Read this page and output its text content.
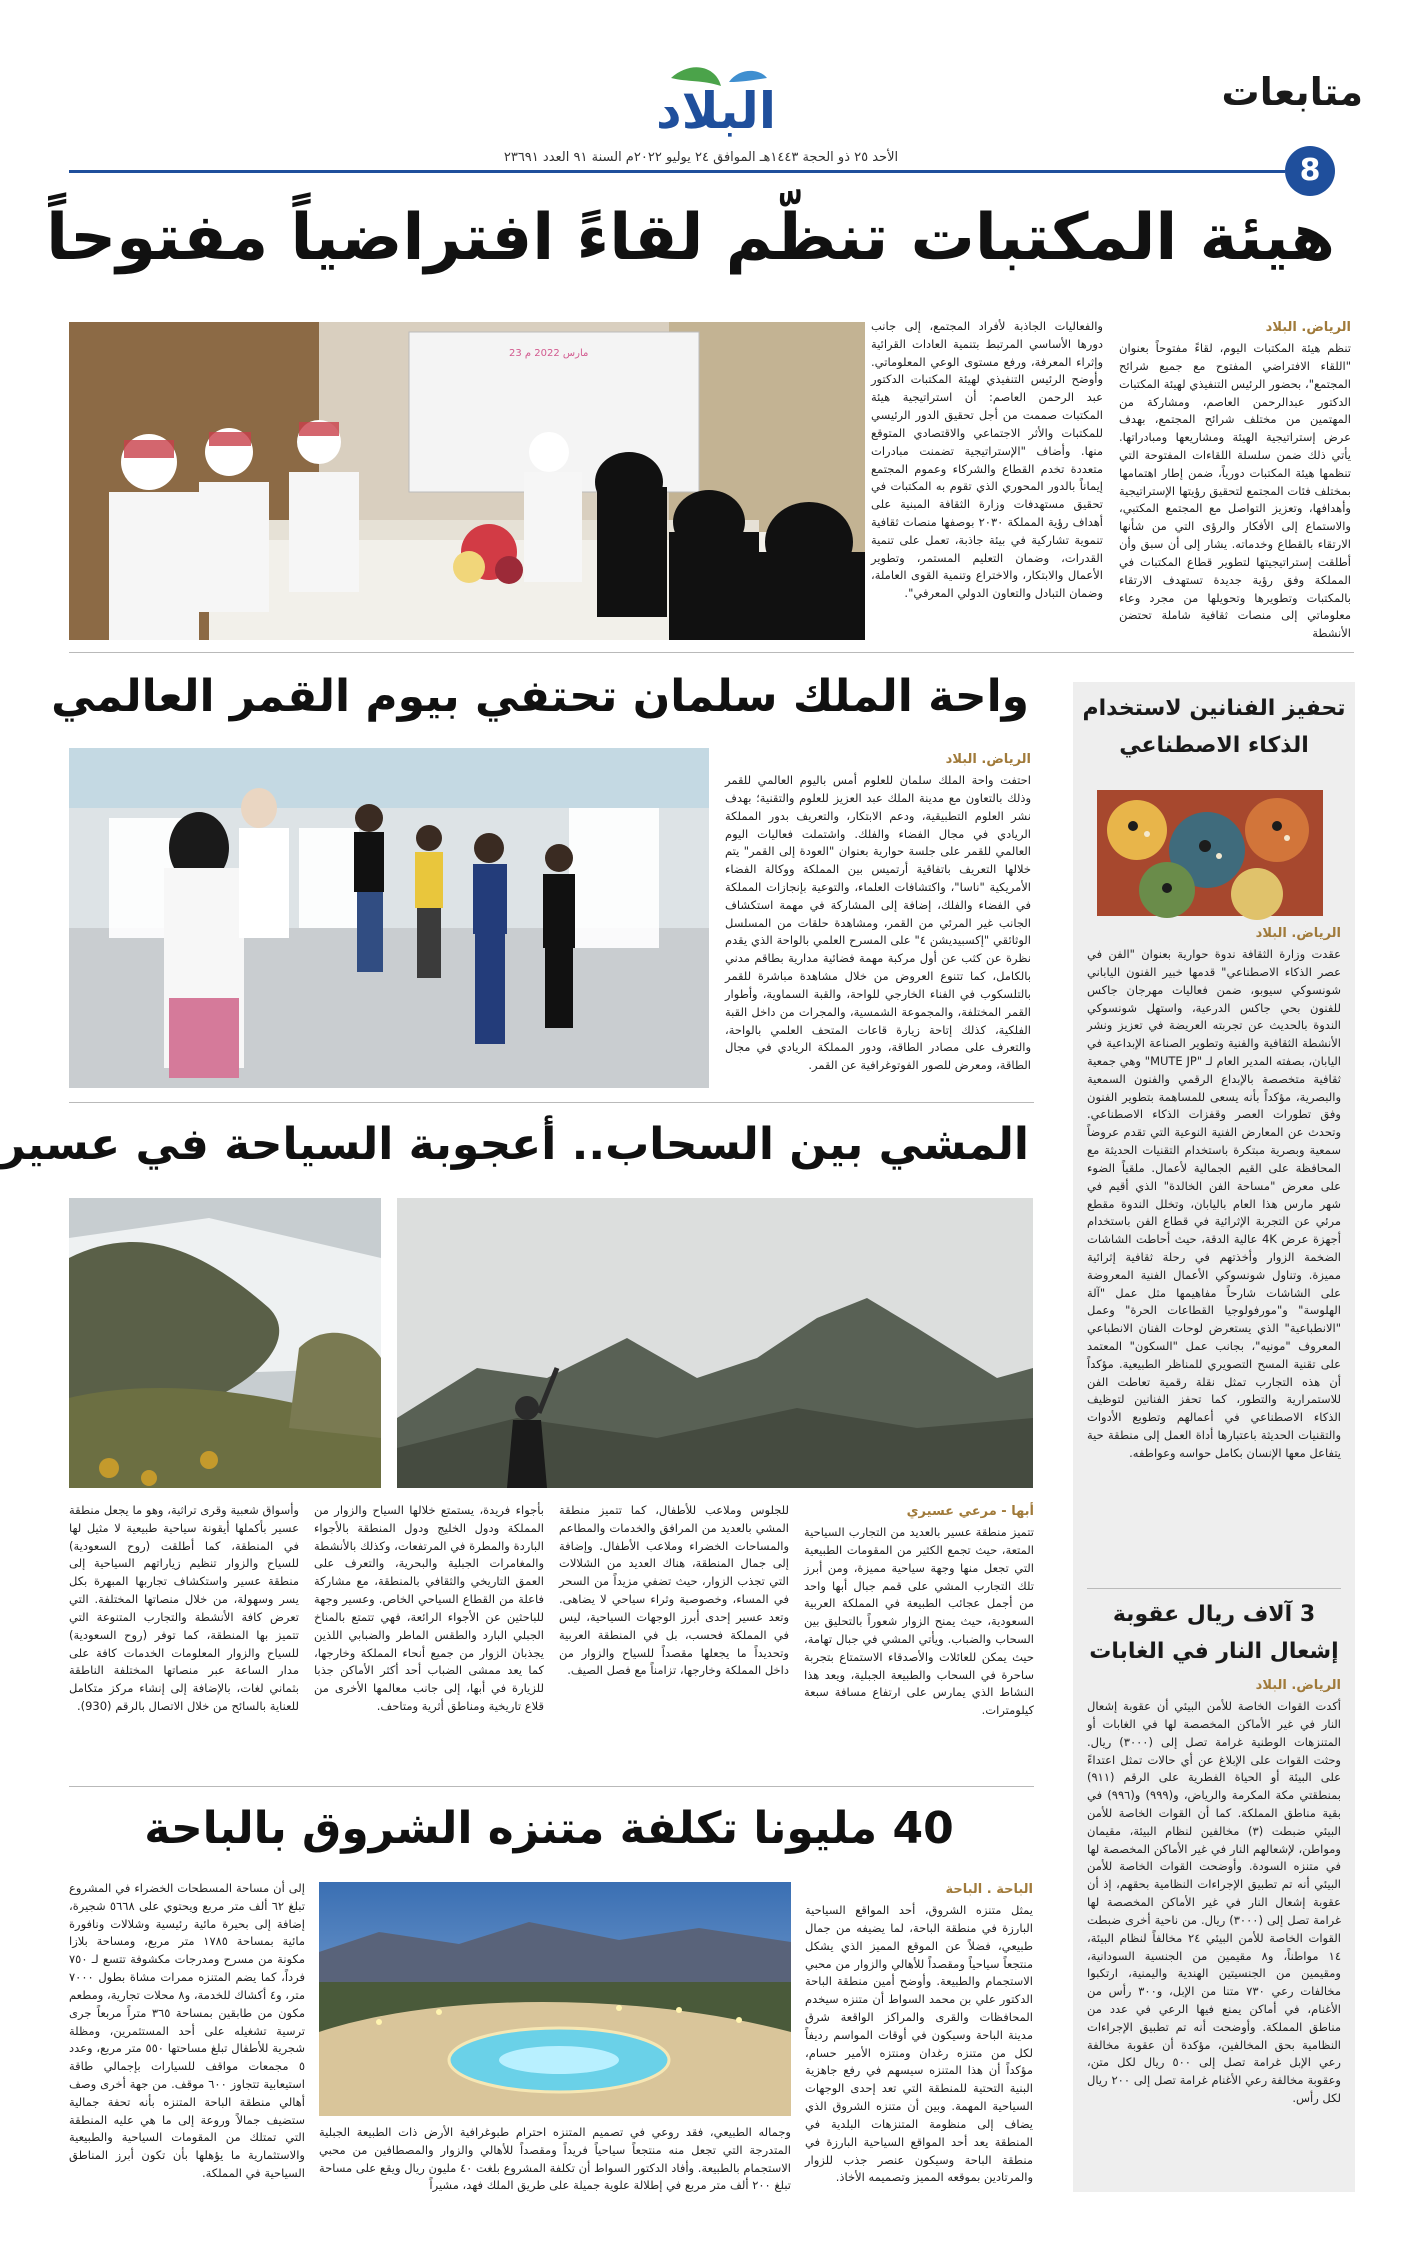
متابعات
8
البلاد
الأحد ٢٥ ذو الحجة ١٤٤٣هـ الموافق ٢٤ يوليو ٢٠٢٢م السنة ٩١ العدد ٢٣٦٩١
هيئة المكتبات تنظّم لقاءً افتراضياً مفتوحاً
الرياض. البلاد
تنظم هيئة المكتبات اليوم، لقاءً مفتوحاً بعنوان "اللقاء الافتراضي المفتوح مع جميع شرائح المجتمع"، بحضور الرئيس التنفيذي لهيئة المكتبات الدكتور عبدالرحمن العاصم، ومشاركة من المهتمين من مختلف شرائح المجتمع، بهدف عرض إستراتيجية الهيئة ومشاريعها ومبادراتها. يأتي ذلك ضمن سلسلة اللقاءات المفتوحة التي تنظمها هيئة المكتبات دورياً، ضمن إطار اهتمامها بمختلف فئات المجتمع لتحقيق رؤيتها الإستراتيجية وأهدافها، وتعزيز التواصل مع المجتمع المكتبي، والاستماع إلى الأفكار والرؤى التي من شأنها الارتقاء بالقطاع وخدماته. يشار إلى أن سبق وأن أطلقت إستراتيجيتها لتطوير قطاع المكتبات في المملكة وفق رؤية جديدة تستهدف الارتقاء بالمكتبات وتطويرها وتحويلها من مجرد وعاء معلوماتي إلى منصات ثقافية شاملة تحتضن الأنشطة
والفعاليات الجاذبة لأفراد المجتمع، إلى جانب دورها الأساسي المرتبط بتنمية العادات القرائية وإثراء المعرفة، ورفع مستوى الوعي المعلوماتي. وأوضح الرئيس التنفيذي لهيئة المكتبات الدكتور عبد الرحمن العاصم: أن استراتيجية هيئة المكتبات صممت من أجل تحقيق الدور الرئيسي للمكتبات والأثر الاجتماعي والاقتصادي المتوقع منها. وأضاف "الإستراتيجية تضمنت مبادرات متعددة تخدم القطاع والشركاء وعموم المجتمع إيماناً بالدور المحوري الذي تقوم به المكتبات في تحقيق مستهدفات وزارة الثقافة المبنية على أهداف رؤية المملكة ٢٠٣٠ بوصفها منصات ثقافية تنموية تشاركية في بيئة جاذبة، تعمل على تنمية القدرات، وضمان التعليم المستمر، وتطوير الأعمال والابتكار، والاختراع وتنمية القوى العاملة، وضمان التبادل والتعاون الدولي المعرفي".
23 مارس 2022 م
واحة الملك سلمان تحتفي بيوم القمر العالمي
الرياض. البلاد
احتفت واحة الملك سلمان للعلوم أمس باليوم العالمي للقمر وذلك بالتعاون مع مدينة الملك عبد العزيز للعلوم والتقنية؛ بهدف نشر العلوم التطبيقية، ودعم الابتكار، والتعريف بدور المملكة الريادي في مجال الفضاء والفلك. واشتملت فعاليات اليوم العالمي للقمر على جلسة حوارية بعنوان "العودة إلى القمر" يتم خلالها التعريف باتفاقية أرتميس بين المملكة ووكالة الفضاء الأمريكية "ناسا"، واكتشافات العلماء، والتوعية بإنجازات المملكة في الفضاء والفلك، إضافة إلى المشاركة في مهمة استكشاف الجانب غير المرئي من القمر، ومشاهدة حلقات من المسلسل الوثائقي "إكسبيديشن ٤" على المسرح العلمي بالواحة الذي يقدم نظرة عن كثب عن أول مركبة مهمة فضائية مدارية بطاقم مدني بالكامل، كما تتنوع العروض من خلال مشاهدة مباشرة للقمر بالتلسكوب في الفناء الخارجي للواحة، والقبة السماوية، وأطوار القمر المختلفة، والمجموعة الشمسية، والمجرات من داخل القبة الفلكية، كذلك إتاحة زيارة قاعات المتحف العلمي بالواحة، والتعرف على مصادر الطاقة، ودور المملكة الريادي في مجال الطاقة، ومعرض للصور الفوتوغرافية عن القمر.
المشي بين السحاب.. أعجوبة السياحة في عسير
أبها - مرعي عسيري
تتميز منطقة عسير بالعديد من التجارب السياحية المتعة، حيث تجمع الكثير من المقومات الطبيعية التي تجعل منها وجهة سياحية مميزة، ومن أبرز تلك التجارب المشي على قمم جبال أبها واحد من أجمل عجائب الطبيعة في المملكة العربية السعودية، حيث يمنح الزوار شعوراً بالتحليق بين السحاب والضباب. ويأتي المشي في جبال تهامة، حيث يمكن للعائلات والأصدقاء الاستمتاع بتجربة ساحرة في السحاب والطبيعة الجبلية، ويعد هذا النشاط الذي يمارس على ارتفاع مسافة سبعة كيلومترات.
للجلوس وملاعب للأطفال، كما تتميز منطقة المشي بالعديد من المرافق والخدمات والمطاعم والمساحات الخضراء وملاعب الأطفال. وإضافة إلى جمال المنطقة، هناك العديد من الشلالات التي تجذب الزوار، حيث تضفي مزيداً من السحر في المساء، وخصوصية وثراء سياحي لا يضاهى. وتعد عسير إحدى أبرز الوجهات السياحية، ليس في المملكة فحسب، بل في المنطقة العربية وتحديداً ما يجعلها مقصداً للسياح والزوار من داخل المملكة وخارجها، تزامناً مع فصل الصيف.
بأجواء فريدة، يستمتع خلالها السياح والزوار من المملكة ودول الخليج ودول المنطقة بالأجواء الباردة والمطرة في المرتفعات، وكذلك بالأنشطة والمغامرات الجبلية والبحرية، والتعرف على العمق التاريخي والثقافي بالمنطقة، مع مشاركة فاعلة من القطاع السياحي الخاص. وعسير وجهة للباحثين عن الأجواء الرائعة، فهي تتمتع بالمناخ الجبلي البارد والطقس الماطر والضبابي اللذين يجذبان الزوار من جميع أنحاء المملكة وخارجها، كما يعد ممشى الضباب أحد أكثر الأماكن جذبا للزيارة في أبها، إلى جانب معالمها الأخرى من قلاع تاريخية ومناطق أثرية ومتاحف.
وأسواق شعبية وقرى تراثية، وهو ما يجعل منطقة عسير بأكملها أيقونة سياحية طبيعية لا مثيل لها في المنطقة، كما أطلقت (روح السعودية) للسياح والزوار تنظيم زياراتهم السياحية إلى منطقة عسير واستكشاف تجاربها المبهرة بكل يسر وسهولة، من خلال منصاتها المختلفة. التي تعرض كافة الأنشطة والتجارب المتنوعة التي تتميز بها المنطقة، كما توفر (روح السعودية) للسياح والزوار المعلومات الخدمات كافة على مدار الساعة عبر منصاتها المختلفة الناطقة بثماني لغات، بالإضافة إلى إنشاء مركز متكامل للعناية بالسائح من خلال الاتصال بالرقم (930).
40 مليونا تكلفة متنزه الشروق بالباحة
الباحة . الباحة
يمثل متنزه الشروق، أحد المواقع السياحية البارزة في منطقة الباحة، لما يضيفه من جمال طبيعي، فضلاً عن الموقع المميز الذي يشكل منتجعاً سياحياً ومقصداً للأهالي والزوار من محبي الاستجمام والطبيعة. وأوضح أمين منطقة الباحة الدكتور علي بن محمد السواط أن متنزه سيخدم المحافظات والقرى والمراكز الواقعة شرق مدينة الباحة وسيكون في أوقات المواسم رديفاً لكل من متنزه رغدان ومنتزه الأمير حسام، مؤكداً أن هذا المتنزه سيسهم في رفع جاهزية البنية التحتية للمنطقة التي تعد إحدى الوجهات السياحية المهمة. وبين أن متنزه الشروق الذي يضاف إلى منظومة المتنزهات البلدية في المنطقة يعد أحد المواقع السياحية البارزة في منطقة الباحة وسيكون عنصر جذب للزوار والمرتادين بموقعه المميز وتصميمه الأخاذ.
وجماله الطبيعي، فقد روعي في تصميم المتنزه احترام طبوغرافية الأرض ذات الطبيعة الجبلية المتدرجة التي تجعل منه منتجعاً سياحياً فريداً ومقصداً للأهالي والزوار والمصطافين من محبي الاستجمام بالطبيعة. وأفاد الدكتور السواط أن تكلفة المشروع بلغت ٤٠ مليون ريال ويقع على مساحة تبلغ ٢٠٠ ألف متر مربع في إطلالة علوية جميلة على طريق الملك فهد، مشيراً
إلى أن مساحة المسطحات الخضراء في المشروع تبلغ ٦٢ ألف متر مربع ويحتوي على ٥٦٦٨ شجيرة، إضافة إلى بحيرة مائية رئيسية وشلالات ونافورة مائية بمساحة ١٧٨٥ متر مربع، ومساحة بلازا مكونة من مسرح ومدرجات مكشوفة تتسع لـ ٧٥٠ فرداً، كما يضم المتنزه ممرات مشاة بطول ٧٠٠٠ متر، و٤ أكشاك للخدمة، و٨ محلات تجارية، ومطعم مكون من طابقين بمساحة ٣٦٥ متراً مربعاً جرى ترسية تشغيله على أحد المستثمرين، ومظلة شجرية للأطفال تبلغ مساحتها ٥٥٠ متر مربع، وعدد ٥ مجمعات مواقف للسيارات بإجمالي طاقة استيعابية تتجاوز ٦٠٠ موقف. من جهة أخرى وصف أهالي منطقة الباحة المتنزه بأنه تحفة جمالية ستضيف جمالاً وروعة إلى ما هي عليه المنطقة التي تمتلك من المقومات السياحية والطبيعية والاستثمارية ما يؤهلها بأن تكون أبرز المناطق السياحية في المملكة.
تحفيز الفنانين لاستخدام
الذكاء الاصطناعي
الرياض. البلاد
عقدت وزارة الثقافة ندوة حوارية بعنوان "الفن في عصر الذكاء الاصطناعي" قدمها خبير الفنون الياباني شونسوكي سيوبو، ضمن فعاليات مهرجان جاكس للفنون بحي جاكس الدرعية، واستهل شونسوكي الندوة بالحديث عن تجربته العريضة في تعزيز ونشر الأنشطة الثقافية والفنية وتطوير الصناعة الإبداعية في اليابان، بصفته المدير العام لـ "MUTE JP" وهي جمعية ثقافية متخصصة بالإبداع الرقمي والفنون السمعية والبصرية، مؤكداً بأنه يسعى للمساهمة بتطوير الفنون وفق تطورات العصر وقفزات الذكاء الاصطناعي. وتحدث عن المعارض الفنية النوعية التي تقدم عروضاً سمعية وبصرية مبتكرة باستخدام التقنيات الحديثة مع المحافظة على القيم الجمالية لأعمال. ملقياً الضوء على معرض "مساحة الفن الخالدة" الذي أقيم في شهر مارس هذا العام باليابان، وتخلل الندوة مقطع مرئي عن التجربة الإثرائية في قطاع الفن باستخدام أجهزة عرض 4K عالية الدقة، حيث أحاطت الشاشات الضخمة الزوار وأخذتهم في رحلة ثقافية إثرائية مميزة. وتناول شونسوكي الأعمال الفنية المعروضة على الشاشات شارحاً مفاهيمها مثل عمل "آلة الهلوسة" و"مورفولوجيا القطاعات الحرة" وعمل "الانطباعية" الذي يستعرض لوحات الفنان الانطباعي المعروف "مونيه"، بجانب عمل "السكون" المعتمد على تقنية المسح التصويري للمناظر الطبيعية. مؤكداً أن هذه التجارب تمثل نقلة رقمية تعاطت الفن للاستمرارية والتطور، كما تحفز الفنانين لتوظيف الذكاء الاصطناعي في أعمالهم وتطويع الأدوات والتقنيات الحديثة باعتبارها أداة العمل إلى منطقة حية يتفاعل معها الإنسان بكامل حواسه وعواطفه.
3 آلاف ريال عقوبة
إشعال النار في الغابات
الرياض. البلاد
أكدت القوات الخاصة للأمن البيئي أن عقوبة إشعال النار في غير الأماكن المخصصة لها في الغابات أو المتنزهات الوطنية غرامة تصل إلى (٣٠٠٠) ريال. وحثت القوات على الإبلاغ عن أي حالات تمثل اعتداءً على البيئة أو الحياة الفطرية على الرقم (٩١١) بمنطقتي مكة المكرمة والرياض، و(٩٩٩) و(٩٩٦) في بقية مناطق المملكة. كما أن القوات الخاصة للأمن البيئي ضبطت (٣) مخالفين لنظام البيئة، مقيمان ومواطن، لإشعالهم النار في غير الأماكن المخصصة لها في متنزه السودة. وأوضحت القوات الخاصة للأمن البيئي أنه تم تطبيق الإجراءات النظامية بحقهم، إذ أن عقوبة إشعال النار في غير الأماكن المخصصة لها غرامة تصل إلى (٣٠٠٠) ريال. من ناحية أخرى ضبطت القوات الخاصة للأمن البيئي ٢٤ مخالفاً لنظام البيئة، ١٤ مواطناً، و٨ مقيمين من الجنسية السودانية، ومقيمين من الجنسيتين الهندية واليمنية، ارتكبوا مخالفات رعي ٧٣٠ متنا من الإبل، و٣٠٠ رأس من الأغنام، في أماكن يمنع فيها الرعي في عدد من مناطق المملكة. وأوضحت أنه تم تطبيق الإجراءات النظامية بحق المخالفين، مؤكدة أن عقوبة مخالفة رعي الإبل غرامة تصل إلى ٥٠٠ ريال لكل متن، وعقوبة مخالفة رعي الأغنام غرامة تصل إلى ٢٠٠ ريال لكل رأس.
